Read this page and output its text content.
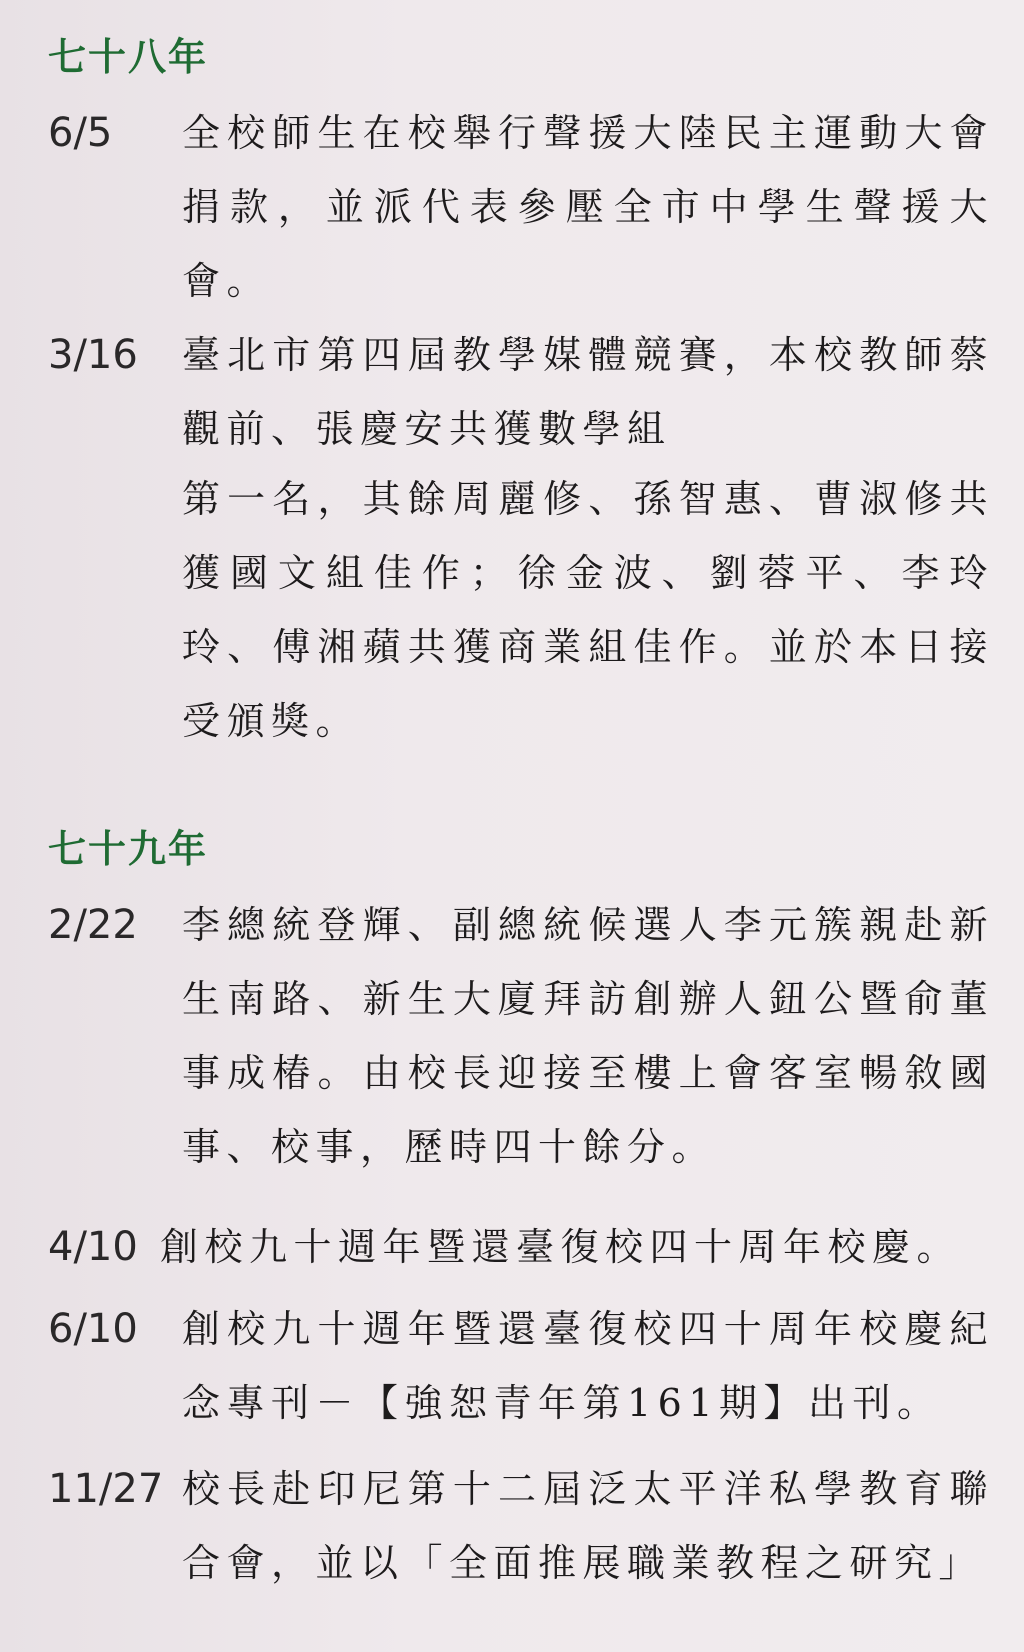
七十八年
6/5 全校師生在校舉行聲援大陸民主運動大會捐款，並派代表參壓全市中學生聲援大會。
3/16 臺北市第四屆教學媒體競賽，本校教師蔡觀前、張慶安共獲數學組
第一名，其餘周麗修、孫智惠、曹淑修共獲國文組佳作；徐金波、劉蓉平、李玲玲、傅湘蘋共獲商業組佳作。並於本日接受頒獎。
七十九年
2/22 李總統登輝、副總統候選人李元簇親赴新生南路、新生大廈拜訪創辦人鈕公暨俞董事成椿。由校長迎接至樓上會客室暢敘國事、校事，歷時四十餘分。
4/10 創校九十週年暨還臺復校四十周年校慶。
6/10 創校九十週年暨還臺復校四十周年校慶紀念專刊－【強恕青年第161期】出刊。
11/27 校長赴印尼第十二屆泛太平洋私學教育聯合會，並以「全面推展職業教程之研究」
